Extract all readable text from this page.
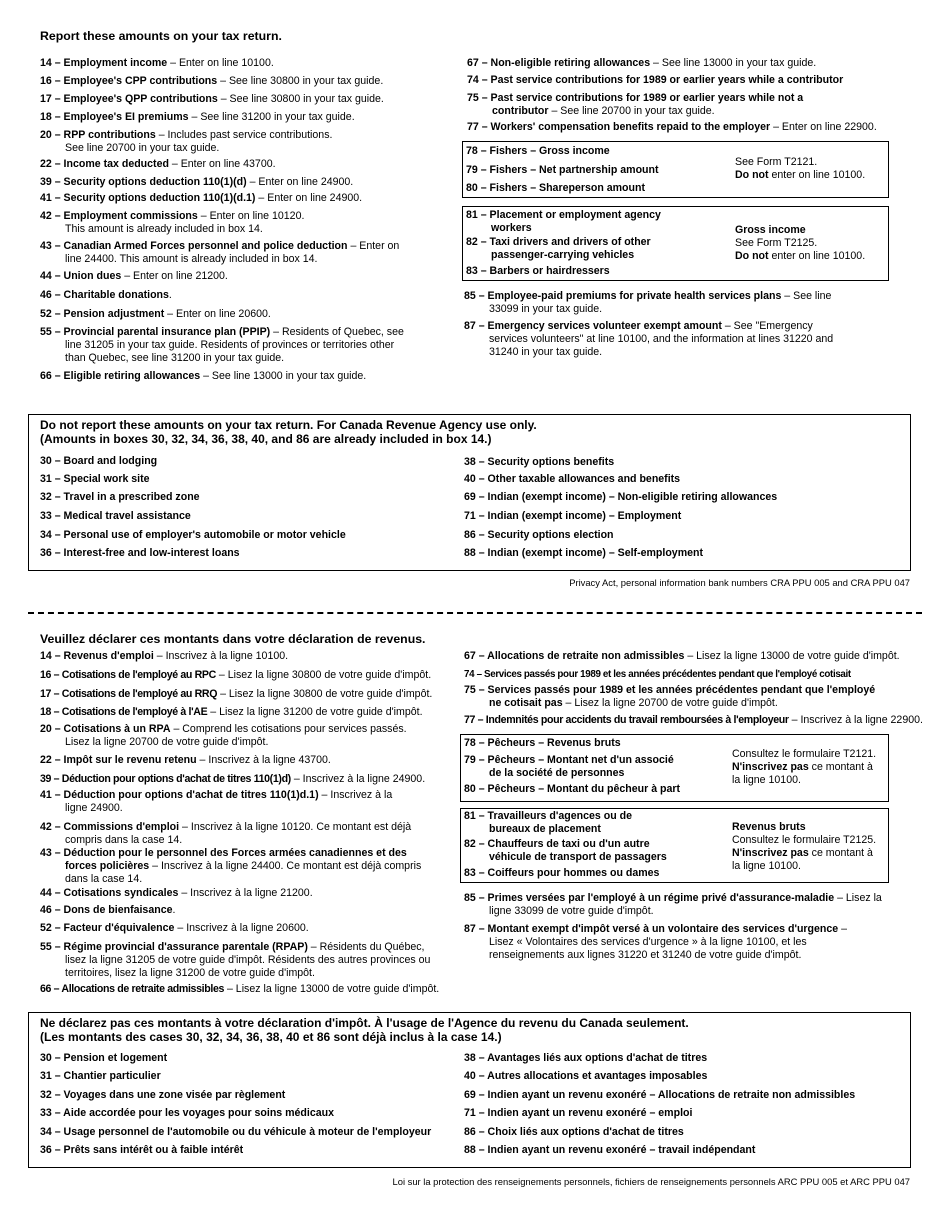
Report these amounts on your tax return.
14 – Employment income – Enter on line 10100.
16 – Employee's CPP contributions – See line 30800 in your tax guide.
17 – Employee's QPP contributions – See line 30800 in your tax guide.
18 – Employee's EI premiums – See line 31200 in your tax guide.
20 – RPP contributions – Includes past service contributions.
See line 20700 in your tax guide.
22 – Income tax deducted – Enter on line 43700.
39 – Security options deduction 110(1)(d) – Enter on line 24900.
41 – Security options deduction 110(1)(d.1) – Enter on line 24900.
42 – Employment commissions – Enter on line 10120.
This amount is already included in box 14.
43 – Canadian Armed Forces personnel and police deduction – Enter on
line 24400. This amount is already included in box 14.
44 – Union dues – Enter on line 21200.
46 – Charitable donations.
52 – Pension adjustment – Enter on line 20600.
55 – Provincial parental insurance plan (PPIP) – Residents of Quebec, see
line 31205 in your tax guide. Residents of provinces or territories other
than Quebec, see line 31200 in your tax guide.
66 – Eligible retiring allowances – See line 13000 in your tax guide.
67 – Non-eligible retiring allowances – See line 13000 in your tax guide.
74 – Past service contributions for 1989 or earlier years while a contributor
75 – Past service contributions for 1989 or earlier years while not a
contributor – See line 20700 in your tax guide.
77 – Workers' compensation benefits repaid to the employer – Enter on line 22900.
78 – Fishers – Gross income
79 – Fishers – Net partnership amount
80 – Fishers – Shareperson amount
See Form T2121.
Do not enter on line 10100.
81 – Placement or employment agency
workers
82 – Taxi drivers and drivers of other
passenger-carrying vehicles
83 – Barbers or hairdressers
Gross income
See Form T2125.
Do not enter on line 10100.
85 – Employee-paid premiums for private health services plans – See line
33099 in your tax guide.
87 – Emergency services volunteer exempt amount – See "Emergency
services volunteers" at line 10100, and the information at lines 31220 and
31240 in your tax guide.
Do not report these amounts on your tax return. For Canada Revenue Agency use only.
(Amounts in boxes 30, 32, 34, 36, 38, 40, and 86 are already included in box 14.)
30 – Board and lodging
31 – Special work site
32 – Travel in a prescribed zone
33 – Medical travel assistance
34 – Personal use of employer's automobile or motor vehicle
36 – Interest-free and low-interest loans
38 – Security options benefits
40 – Other taxable allowances and benefits
69 – Indian (exempt income) – Non-eligible retiring allowances
71 – Indian (exempt income) – Employment
86 – Security options election
88 – Indian (exempt income) – Self-employment
Privacy Act, personal information bank numbers CRA PPU 005 and CRA PPU 047
Veuillez déclarer ces montants dans votre déclaration de revenus.
14 – Revenus d'emploi – Inscrivez à la ligne 10100.
16 – Cotisations de l'employé au RPC – Lisez la ligne 30800 de votre guide d'impôt.
17 – Cotisations de l'employé au RRQ – Lisez la ligne 30800 de votre guide d'impôt.
18 – Cotisations de l'employé à l'AE – Lisez la ligne 31200 de votre guide d'impôt.
20 – Cotisations à un RPA – Comprend les cotisations pour services passés.
Lisez la ligne 20700 de votre guide d'impôt.
22 – Impôt sur le revenu retenu – Inscrivez à la ligne 43700.
39 – Déduction pour options d'achat de titres 110(1)d) – Inscrivez à la ligne 24900.
41 – Déduction pour options d'achat de titres 110(1)d.1) – Inscrivez à la
ligne 24900.
42 – Commissions d'emploi – Inscrivez à la ligne 10120. Ce montant est déjà
compris dans la case 14.
43 – Déduction pour le personnel des Forces armées canadiennes et des
forces policières – Inscrivez à la ligne 24400. Ce montant est déjà compris
dans la case 14.
44 – Cotisations syndicales – Inscrivez à la ligne 21200.
46 – Dons de bienfaisance.
52 – Facteur d'équivalence – Inscrivez à la ligne 20600.
55 – Régime provincial d'assurance parentale (RPAP) – Résidents du Québec,
lisez la ligne 31205 de votre guide d'impôt. Résidents des autres provinces ou
territoires, lisez la ligne 31200 de votre guide d'impôt.
66 – Allocations de retraite admissibles – Lisez la ligne 13000 de votre guide d'impôt.
67 – Allocations de retraite non admissibles – Lisez la ligne 13000 de votre guide d'impôt.
74 – Services passés pour 1989 et les années précédentes pendant que l'employé cotisait
75 – Services passés pour 1989 et les années précédentes pendant que l'employé
ne cotisait pas – Lisez la ligne 20700 de votre guide d'impôt.
77 – Indemnités pour accidents du travail remboursées à l'employeur – Inscrivez à la ligne 22900.
78 – Pêcheurs – Revenus bruts
79 – Pêcheurs – Montant net d'un associé
de la société de personnes
80 – Pêcheurs – Montant du pêcheur à part
Consultez le formulaire T2121.
N'inscrivez pas ce montant à
la ligne 10100.
81 – Travailleurs d'agences ou de
bureaux de placement
82 – Chauffeurs de taxi ou d'un autre
véhicule de transport de passagers
83 – Coiffeurs pour hommes ou dames
Revenus bruts
Consultez le formulaire T2125.
N'inscrivez pas ce montant à
la ligne 10100.
85 – Primes versées par l'employé à un régime privé d'assurance-maladie – Lisez la
ligne 33099 de votre guide d'impôt.
87 – Montant exempt d'impôt versé à un volontaire des services d'urgence –
Lisez « Volontaires des services d'urgence » à la ligne 10100, et les
renseignements aux lignes 31220 et 31240 de votre guide d'impôt.
Ne déclarez pas ces montants à votre déclaration d'impôt. À l'usage de l'Agence du revenu du Canada seulement.
(Les montants des cases 30, 32, 34, 36, 38, 40 et 86 sont déjà inclus à la case 14.)
30 – Pension et logement
31 – Chantier particulier
32 – Voyages dans une zone visée par règlement
33 – Aide accordée pour les voyages pour soins médicaux
34 – Usage personnel de l'automobile ou du véhicule à moteur de l'employeur
36 – Prêts sans intérêt ou à faible intérêt
38 – Avantages liés aux options d'achat de titres
40 – Autres allocations et avantages imposables
69 – Indien ayant un revenu exonéré – Allocations de retraite non admissibles
71 – Indien ayant un revenu exonéré – emploi
86 – Choix liés aux options d'achat de titres
88 – Indien ayant un revenu exonéré – travail indépendant
Loi sur la protection des renseignements personnels, fichiers de renseignements personnels ARC PPU 005 et ARC PPU 047
